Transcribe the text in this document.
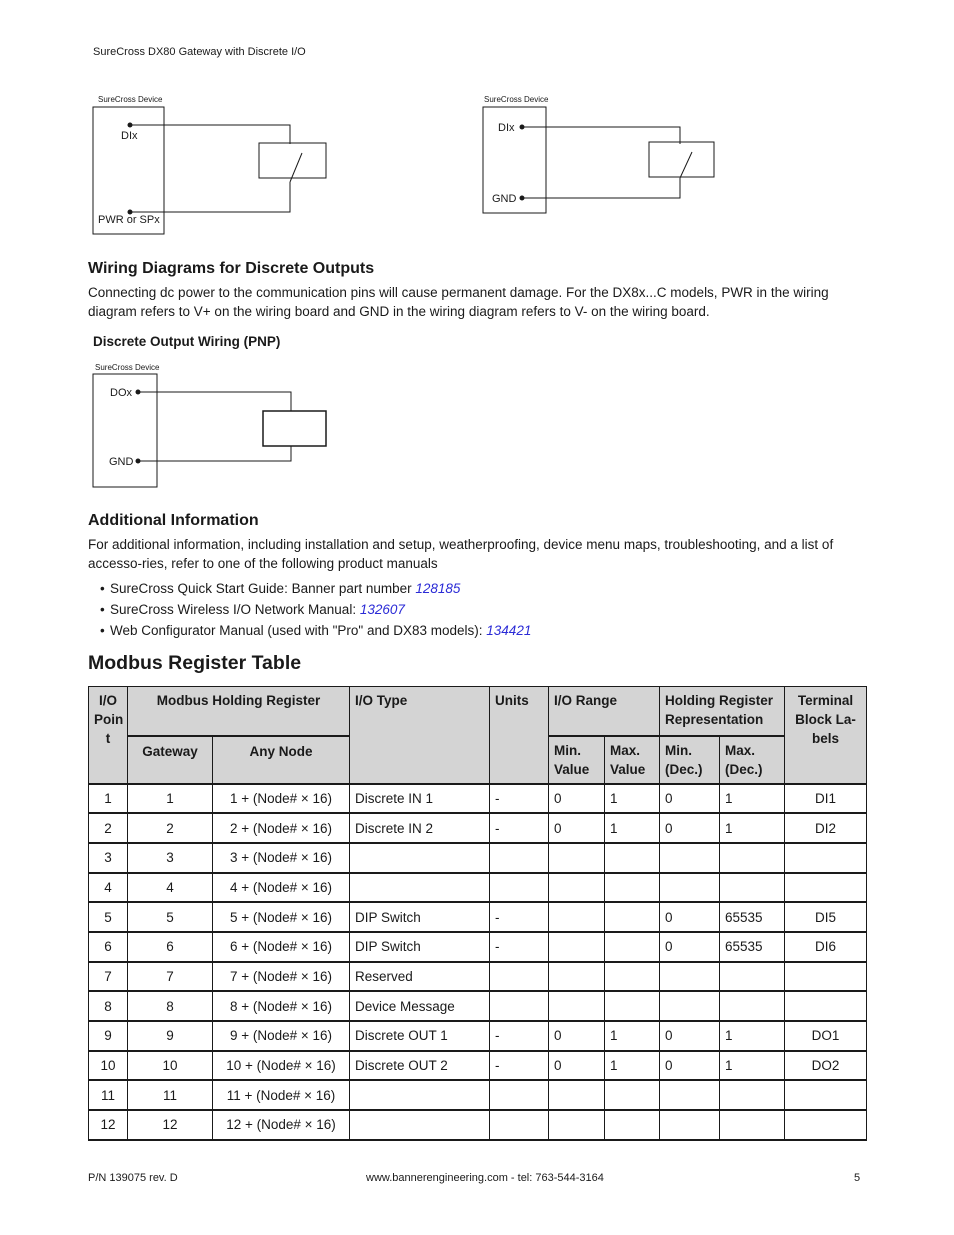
SureCross DX80 Gateway with Discrete I/O
SureCross Device
DIx
PWR or SPx
SureCross Device
DIx
GND
Wiring Diagrams for Discrete Outputs
Connecting dc power to the communication pins will cause permanent damage. For the DX8x...C models, PWR in the wiring diagram refers to V+ on the wiring board and GND in the wiring diagram refers to V- on the wiring board.
Discrete Output Wiring (PNP)
SureCross Device
DOx
GND
Additional Information
For additional information, including installation and setup, weatherproofing, device menu maps, troubleshooting, and a list of accesso-ries, refer to one of the following product manuals
• SureCross Quick Start Guide: Banner part number 128185
• SureCross Wireless I/O Network Manual: 132607
• Web Configurator Manual (used with "Pro" and DX83 models): 134421
Modbus Register Table
I/O Poin t	Modbus Holding Register		I/O Type	Units	I/O Range		Holding Register Representation		Terminal Block La-bels
	Gateway	Any Node			Min. Value	Max. Value	Min. (Dec.)	Max. (Dec.)	
1	1	1 + (Node# × 16)	Discrete IN 1	-	0	1	0	1	DI1
2	2	2 + (Node# × 16)	Discrete IN 2	-	0	1	0	1	DI2
3	3	3 + (Node# × 16)							
4	4	4 + (Node# × 16)							
5	5	5 + (Node# × 16)	DIP Switch	-			0	65535	DI5
6	6	6 + (Node# × 16)	DIP Switch	-			0	65535	DI6
7	7	7 + (Node# × 16)	Reserved						
8	8	8 + (Node# × 16)	Device Message						
9	9	9 + (Node# × 16)	Discrete OUT 1	-	0	1	0	1	DO1
10	10	10 + (Node# × 16)	Discrete OUT 2	-	0	1	0	1	DO2
11	11	11 + (Node# × 16)							
12	12	12 + (Node# × 16)							
P/N 139075 rev. D	www.bannerengineering.com - tel: 763-544-3164	5
